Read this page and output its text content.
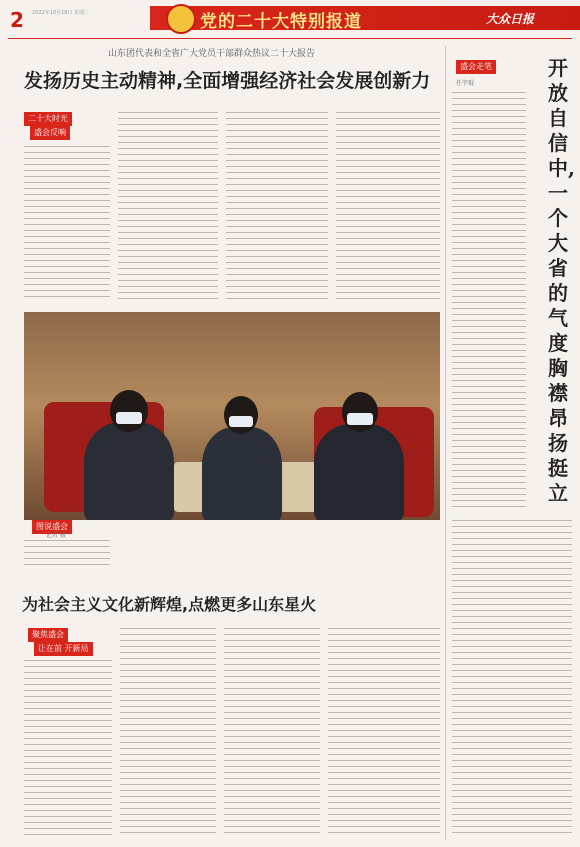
2 2022年10月18日 星期二	党的二十大特别报道	大众日报
山东团代表和全省广大党员干部群众热议二十大报告
发扬历史主动精神,全面增强经济社会发展创新力
二十大时光
盛会反响
图说盛会
记者 摄
为社会主义文化新辉煌,点燃更多山东星火
聚焦盛会
让在前 开新局
盛会走笔
任宇琨
开放自信中,一个大省的气度胸襟昂扬挺立
